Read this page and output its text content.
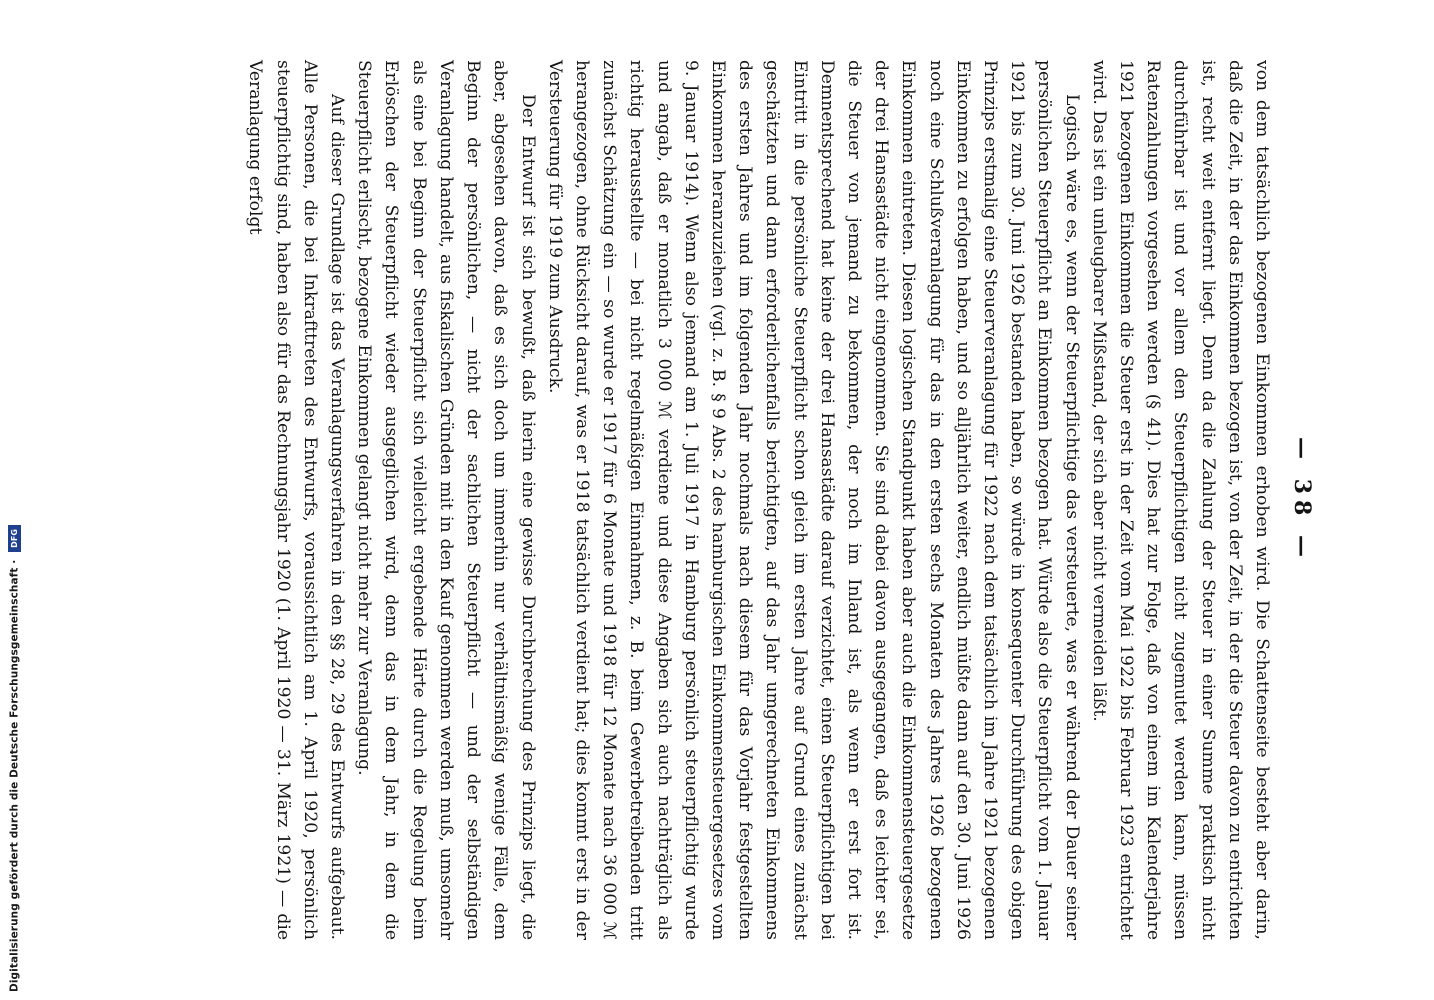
Digitalisierung gefördert durch die Deutsche Forschungsgemeinschaft · DFG	— 38 —

von dem tatsächlich bezogenen Einkommen erhoben wird. Die Schattenseite besteht aber darin, daß die Zeit, in der das Einkommen bezogen ist, von der Zeit, in der die Steuer davon zu entrichten ist, recht weit entfernt liegt. Denn da die Zahlung der Steuer in einer Summe praktisch nicht durchführbar ist und vor allem den Steuerpflichtigen nicht zugemutet werden kann, müssen Ratenzahlungen vorgesehen werden (§ 41). Dies hat zur Folge, daß von einem im Kalenderjahre 1921 bezogenen Einkommen die Steuer erst in der Zeit vom Mai 1922 bis Februar 1923 entrichtet wird. Das ist ein unleugbarer Mißstand, der sich aber nicht vermeiden läßt.

Logisch wäre es, wenn der Steuerpflichtige das versteuerte, was er während der Dauer seiner persönlichen Steuerpflicht an Einkommen bezogen hat. Würde also die Steuerpflicht vom 1. Januar 1921 bis zum 30. Juni 1926 bestanden haben, so würde in konsequenter Durchführung des obigen Prinzips erstmalig eine Steuerveranlagung für 1922 nach dem tatsächlich im Jahre 1921 bezogenen Einkommen zu erfolgen haben, und so alljährlich weiter, endlich müßte dann auf den 30. Juni 1926 noch eine Schlußveranlagung für das in den ersten sechs Monaten des Jahres 1926 bezogenen Einkommen eintreten. Diesen logischen Standpunkt haben aber auch die Einkommensteuergesetze der drei Hansastädte nicht eingenommen. Sie sind dabei davon ausgegangen, daß es leichter sei, die Steuer von jemand zu bekommen, der noch im Inland ist, als wenn er erst fort ist. Demnentsprechend hat keine der drei Hansastädte darauf verzichtet, einen Steuerpflichtigen bei Eintritt in die persönliche Steuerpflicht schon gleich im ersten Jahre auf Grund eines zunächst geschätzten und dann erforderlichenfalls berichtigten, auf das Jahr umgerechneten Einkommens des ersten Jahres und im folgenden Jahr nochmals nach diesem für das Vorjahr festgestellten Einkommen heranzuziehen (vgl. z. B. § 9 Abs. 2 des hamburgischen Einkommensteuergesetzes vom 9. Januar 1914). Wenn also jemand am 1. Juli 1917 in Hamburg persönlich steuerpflichtig wurde und angab, daß er monatlich 3 000 ℳ verdiene und diese Angaben sich auch nachträglich als richtig herausstellte — bei nicht regelmäßigen Einnahmen, z. B. beim Gewerbetreibenden tritt zunächst Schätzung ein — so wurde er 1917 für 6 Monate und 1918 für 12 Monate nach 36 000 ℳ herangezogen, ohne Rücksicht darauf, was er 1918 tatsächlich verdient hat; dies kommt erst in der Versteuerung für 1919 zum Ausdruck.

Der Entwurf ist sich bewußt, daß hierin eine gewisse Durchbrechung des Prinzips liegt, die aber, abgesehen davon, daß es sich doch um immerhin nur verhältnismäßig wenige Fälle, dem Beginn der persönlichen, — nicht der sachlichen Steuerpflicht — und der selbständigen Veranlagung handelt, aus fiskalischen Gründen mit in den Kauf genommen werden muß, umsomehr als eine bei Beginn der Steuerpflicht sich vielleicht ergebende Härte durch die Regelung beim Erlöschen der Steuerpflicht wieder ausgeglichen wird, denn das in dem Jahr, in dem die Steuerpflicht erlischt, bezogene Einkommen gelangt nicht mehr zur Veranlagung.

Auf dieser Grundlage ist das Veranlagungsverfahren in den §§ 28, 29 des Entwurfs aufgebaut. Alle Personen, die bei Inkrafttreten des Entwurfs, voraussichtlich am 1. April 1920, persönlich steuerpflichtig sind, haben also für das Rechnungsjahr 1920 (1. April 1920 — 31. März 1921) — die Veranlagung erfolgt
